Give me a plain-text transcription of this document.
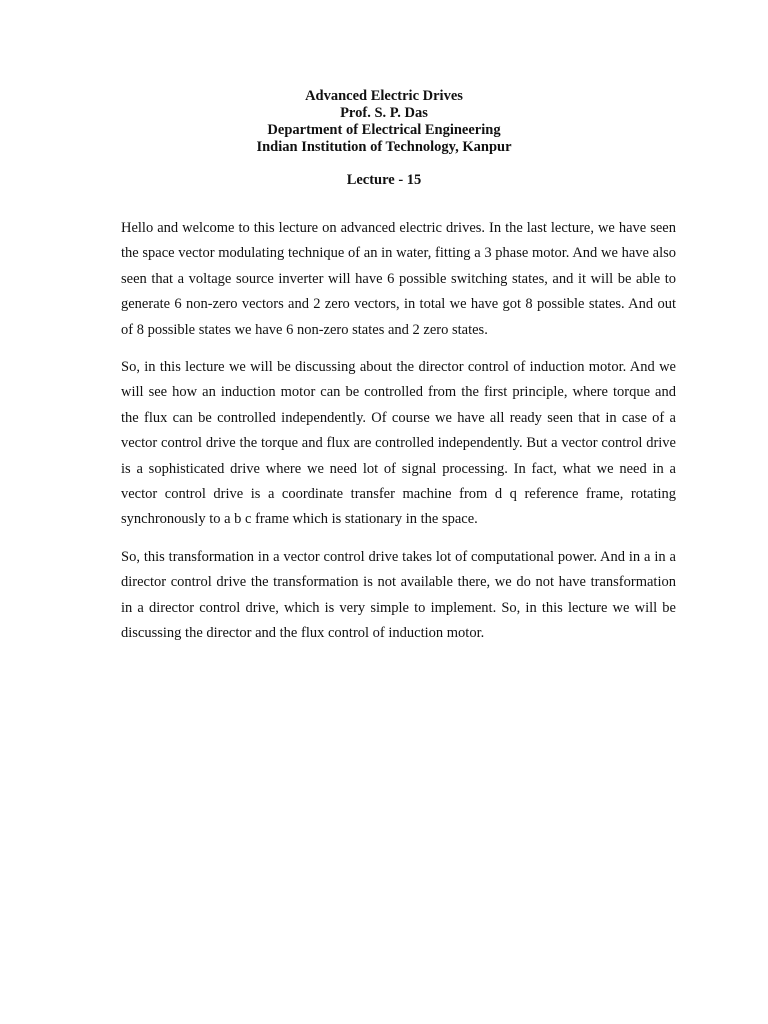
Advanced Electric Drives
Prof. S. P. Das
Department of Electrical Engineering
Indian Institution of Technology, Kanpur
Lecture - 15

Hello and welcome to this lecture on advanced electric drives. In the last lecture, we have seen the space vector modulating technique of an in water, fitting a 3 phase motor. And we have also seen that a voltage source inverter will have 6 possible switching states, and it will be able to generate 6 non-zero vectors and 2 zero vectors, in total we have got 8 possible states. And out of 8 possible states we have 6 non-zero states and 2 zero states.

So, in this lecture we will be discussing about the director control of induction motor. And we will see how an induction motor can be controlled from the first principle, where torque and the flux can be controlled independently. Of course we have all ready seen that in case of a vector control drive the torque and flux are controlled independently. But a vector control drive is a sophisticated drive where we need lot of signal processing. In fact, what we need in a vector control drive is a coordinate transfer machine from d q reference frame, rotating synchronously to a b c frame which is stationary in the space.

So, this transformation in a vector control drive takes lot of computational power. And in a in a director control drive the transformation is not available there, we do not have transformation in a director control drive, which is very simple to implement. So, in this lecture we will be discussing the director and the flux control of induction motor.
